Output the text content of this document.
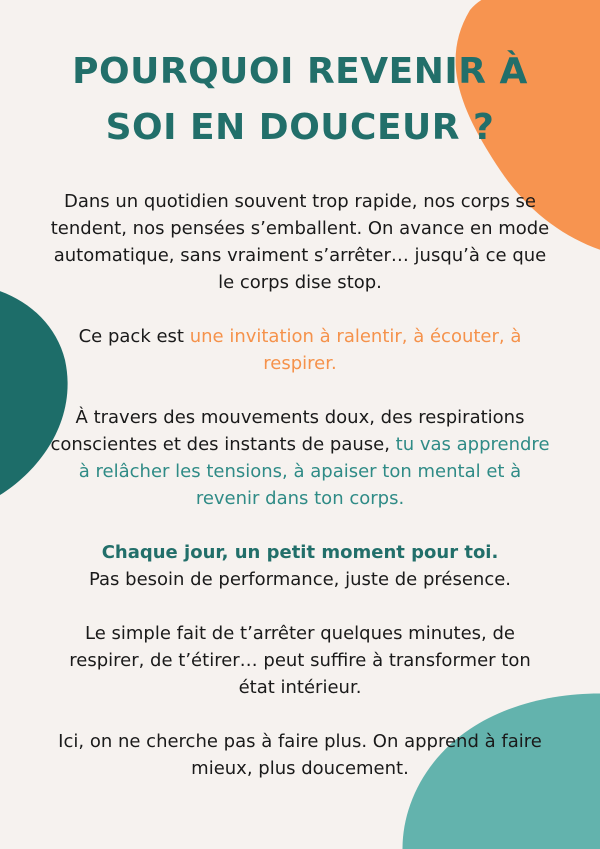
POURQUOI REVENIR À
SOI EN DOUCEUR ?

Dans un quotidien souvent trop rapide, nos corps se tendent, nos pensées s’emballent. On avance en mode automatique, sans vraiment s’arrêter… jusqu’à ce que le corps dise stop.

Ce pack est une invitation à ralentir, à écouter, à respirer.

À travers des mouvements doux, des respirations conscientes et des instants de pause, tu vas apprendre à relâcher les tensions, à apaiser ton mental et à revenir dans ton corps.

Chaque jour, un petit moment pour toi.
Pas besoin de performance, juste de présence.

Le simple fait de t’arrêter quelques minutes, de respirer, de t’étirer… peut suffire à transformer ton état intérieur.

Ici, on ne cherche pas à faire plus. On apprend à faire mieux, plus doucement.
